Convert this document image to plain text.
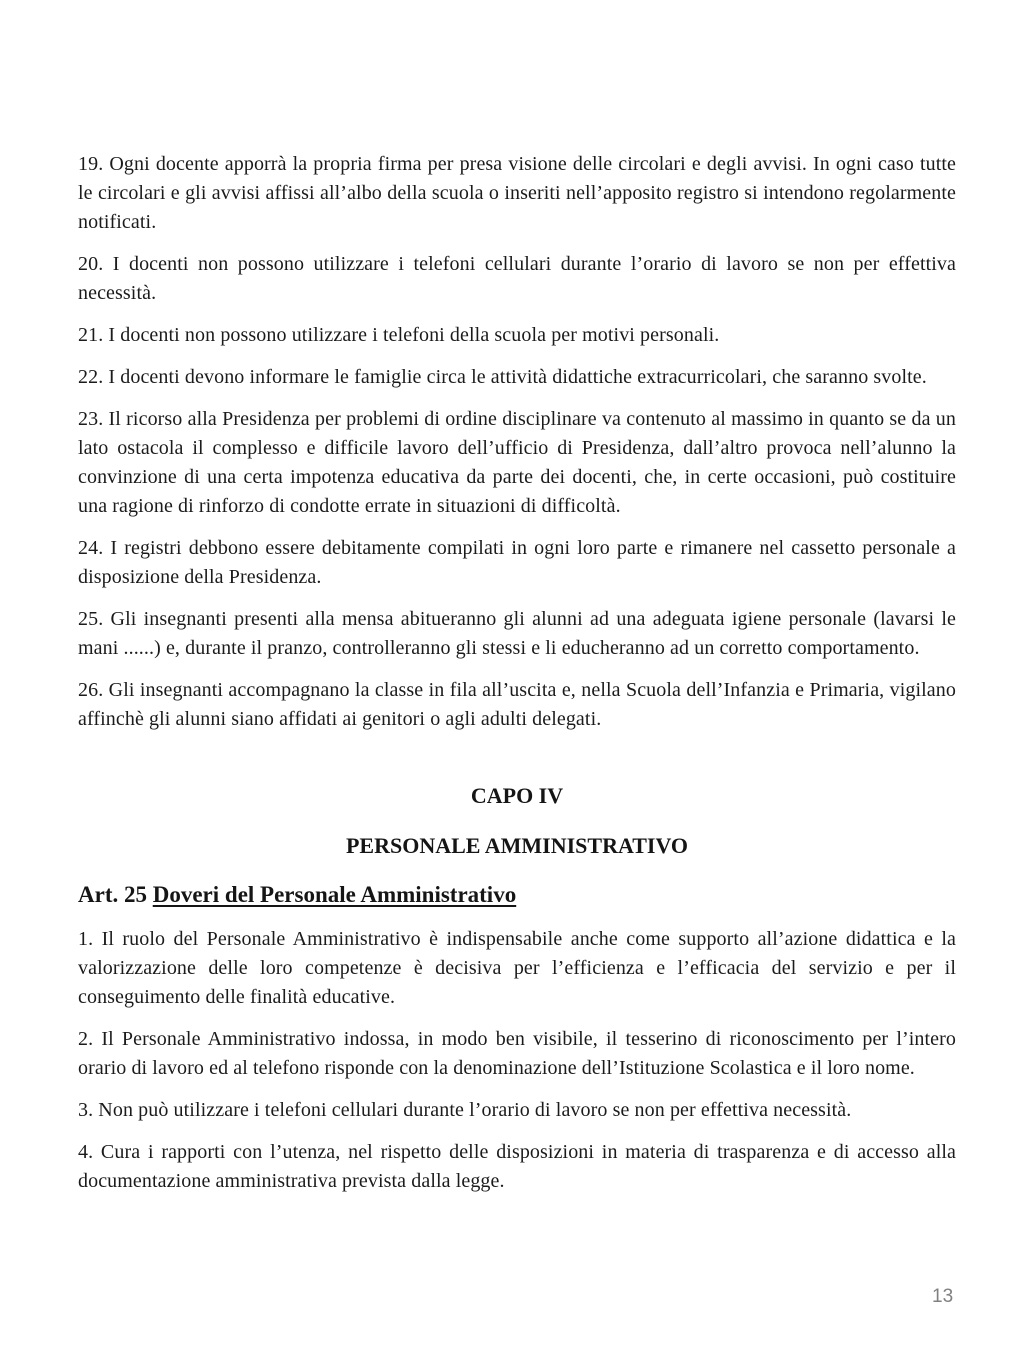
19. Ogni docente apporrà la propria firma per presa visione delle circolari e degli avvisi. In ogni caso tutte le circolari e gli avvisi affissi all’albo della scuola o inseriti nell’apposito registro si intendono regolarmente notificati.

20. I docenti non possono utilizzare i telefoni cellulari durante l’orario di lavoro se non per effettiva necessità.

21. I docenti non possono utilizzare i telefoni della scuola per motivi personali.

22. I docenti devono informare le famiglie circa le attività didattiche extracurricolari, che saranno svolte.

23. Il ricorso alla Presidenza per problemi di ordine disciplinare va contenuto al massimo in quanto se da un lato ostacola il complesso e difficile lavoro dell’ufficio di Presidenza, dall’altro provoca nell’alunno la convinzione di una certa impotenza educativa da parte dei docenti, che, in certe occasioni, può costituire una ragione di rinforzo di condotte errate in situazioni di difficoltà.

24. I registri debbono essere debitamente compilati in ogni loro parte e rimanere nel cassetto personale a disposizione della Presidenza.

25. Gli insegnanti presenti alla mensa abitueranno gli alunni ad una adeguata igiene personale (lavarsi le mani ......) e, durante il pranzo, controlleranno gli stessi e li educheranno ad un corretto comportamento.

26. Gli insegnanti accompagnano la classe in fila all’uscita e, nella Scuola dell’Infanzia e Primaria, vigilano affinchè gli alunni siano affidati ai genitori o agli adulti delegati.

CAPO IV
PERSONALE AMMINISTRATIVO
Art. 25 Doveri del Personale Amministrativo

1. Il ruolo del Personale Amministrativo è indispensabile anche come supporto all’azione didattica e la valorizzazione delle loro competenze è decisiva per l’efficienza e l’efficacia del servizio e per il conseguimento delle finalità educative.

2. Il Personale Amministrativo indossa, in modo ben visibile, il tesserino di riconoscimento per l’intero orario di lavoro ed al telefono risponde con la denominazione dell’Istituzione Scolastica e il loro nome.

3. Non può utilizzare i telefoni cellulari durante l’orario di lavoro se non per effettiva necessità.

4. Cura i rapporti con l’utenza, nel rispetto delle disposizioni in materia di trasparenza e di accesso alla documentazione amministrativa prevista dalla legge.

13
